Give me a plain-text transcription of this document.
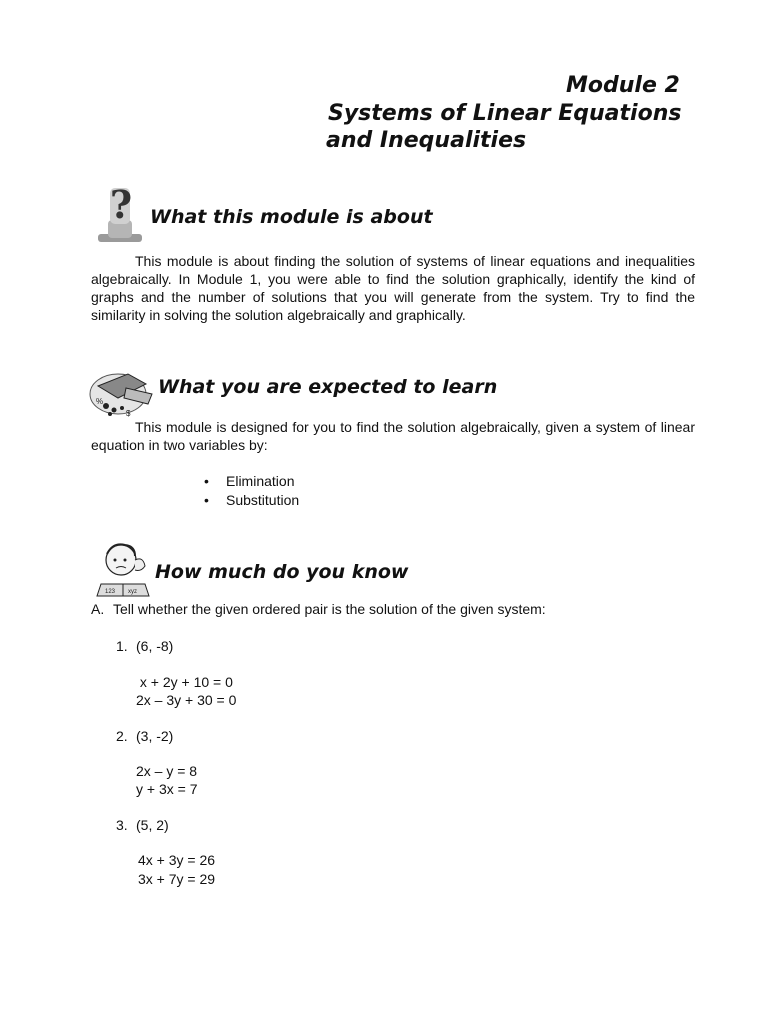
Module 2
Systems of Linear Equations
and Inequalities
? What this module is about

This module is about finding the solution of systems of linear equations and inequalities algebraically. In Module 1, you were able to find the solution graphically, identify the kind of graphs and the number of solutions that you will generate from the system. Try to find the similarity in solving the solution algebraically and graphically.

%
$
What you are expected to learn

This module is designed for you to find the solution algebraically, given a system of linear equation in two variables by:

• Elimination
• Substitution
123 xyz
How much do you know
A. Tell whether the given ordered pair is the solution of the given system:
1. (6, -8)
x + 2y + 10 = 0
2x – 3y + 30 = 0
2. (3, -2)
2x – y = 8
y + 3x = 7
3. (5, 2)
4x + 3y = 26
3x + 7y = 29
